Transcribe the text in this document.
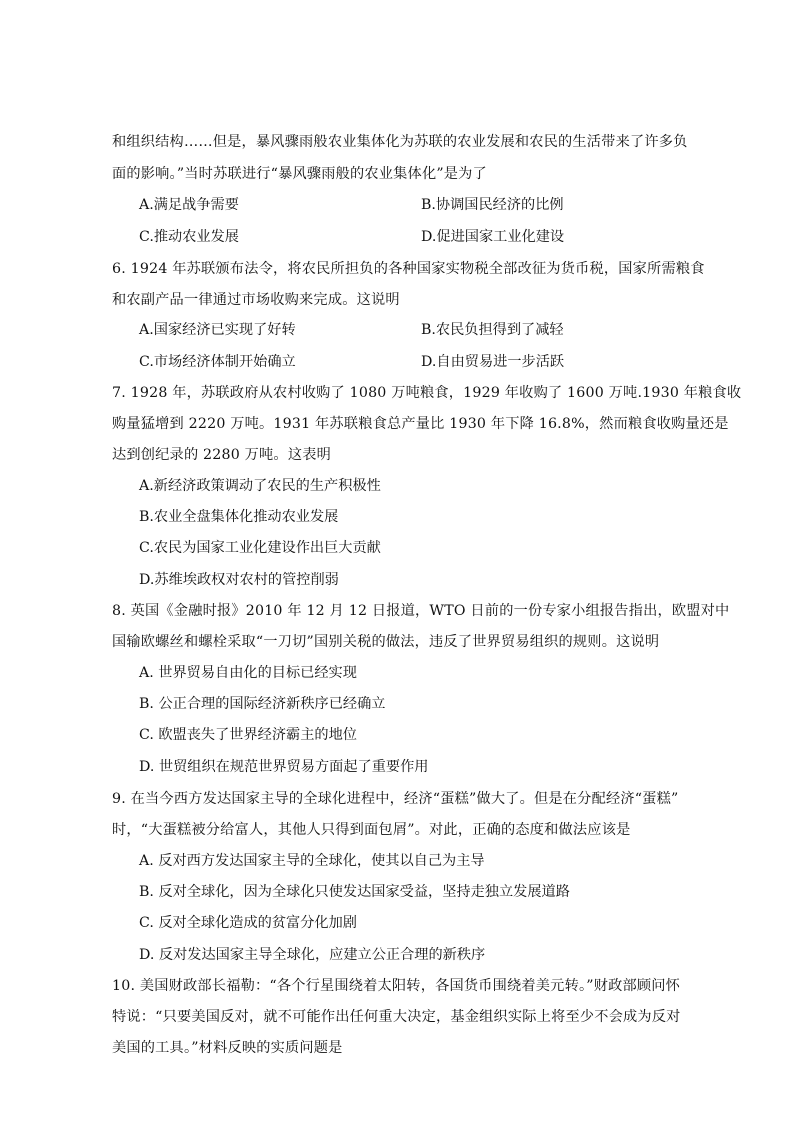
和组织结构……但是，暴风骤雨般农业集体化为苏联的农业发展和农民的生活带来了许多负
面的影响。”当时苏联进行“暴风骤雨般的农业集体化”是为了
A.满足战争需要	B.协调国民经济的比例
C.推动农业发展	D.促进国家工业化建设
6. 1924 年苏联颁布法令，将农民所担负的各种国家实物税全部改征为货币税，国家所需粮食
和农副产品一律通过市场收购来完成。这说明
A.国家经济已实现了好转	B.农民负担得到了减轻
C.市场经济体制开始确立	D.自由贸易进一步活跃
7. 1928 年，苏联政府从农村收购了 1080 万吨粮食，1929 年收购了 1600 万吨.1930 年粮食收
购量猛增到 2220 万吨。1931 年苏联粮食总产量比 1930 年下降 16.8%，然而粮食收购量还是
达到创纪录的 2280 万吨。这表明
A.新经济政策调动了农民的生产积极性
B.农业全盘集体化推动农业发展
C.农民为国家工业化建设作出巨大贡献
D.苏维埃政权对农村的管控削弱
8. 英国《金融时报》2010 年 12 月 12 日报道，WTO 日前的一份专家小组报告指出，欧盟对中
国输欧螺丝和螺栓采取“一刀切”国别关税的做法，违反了世界贸易组织的规则。这说明
A. 世界贸易自由化的目标已经实现
B. 公正合理的国际经济新秩序已经确立
C. 欧盟丧失了世界经济霸主的地位
D. 世贸组织在规范世界贸易方面起了重要作用
9. 在当今西方发达国家主导的全球化进程中，经济“蛋糕”做大了。但是在分配经济“蛋糕”
时，“大蛋糕被分给富人，其他人只得到面包屑”。对此，正确的态度和做法应该是
A. 反对西方发达国家主导的全球化，使其以自己为主导
B. 反对全球化，因为全球化只使发达国家受益，坚持走独立发展道路
C. 反对全球化造成的贫富分化加剧
D. 反对发达国家主导全球化，应建立公正合理的新秩序
10. 美国财政部长福勒：“各个行星围绕着太阳转，各国货币围绕着美元转。”财政部顾问怀
特说：“只要美国反对，就不可能作出任何重大决定，基金组织实际上将至少不会成为反对
美国的工具。”材料反映的实质问题是
